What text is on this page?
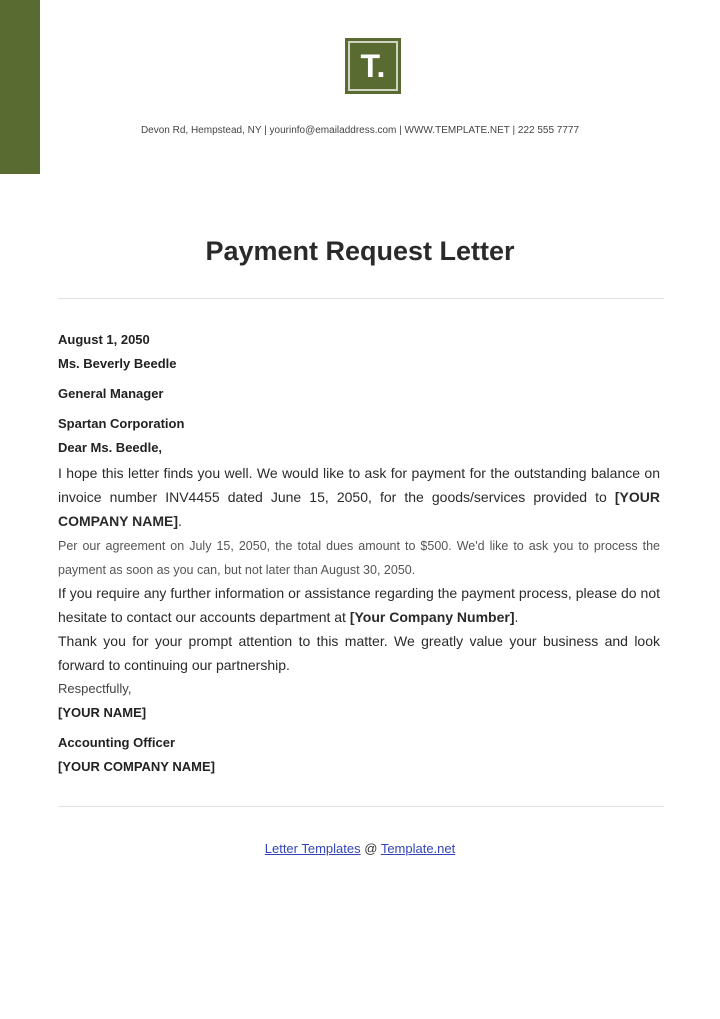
T.
Devon Rd, Hempstead, NY | yourinfo@emailaddress.com | WWW.TEMPLATE.NET | 222 555 7777
Payment Request Letter
August 1, 2050
Ms. Beverly Beedle
General Manager
Spartan Corporation
Dear Ms. Beedle,

I hope this letter finds you well. We would like to ask for payment for the outstanding balance on invoice number INV4455 dated June 15, 2050, for the goods/services provided to [YOUR COMPANY NAME].

Per our agreement on July 15, 2050, the total dues amount to $500. We'd like to ask you to process the payment as soon as you can, but not later than August 30, 2050.

If you require any further information or assistance regarding the payment process, please do not hesitate to contact our accounts department at [Your Company Number].

Thank you for your prompt attention to this matter. We greatly value your business and look forward to continuing our partnership.

Respectfully,
[YOUR NAME]
Accounting Officer
[YOUR COMPANY NAME]
Letter Templates @ Template.net
